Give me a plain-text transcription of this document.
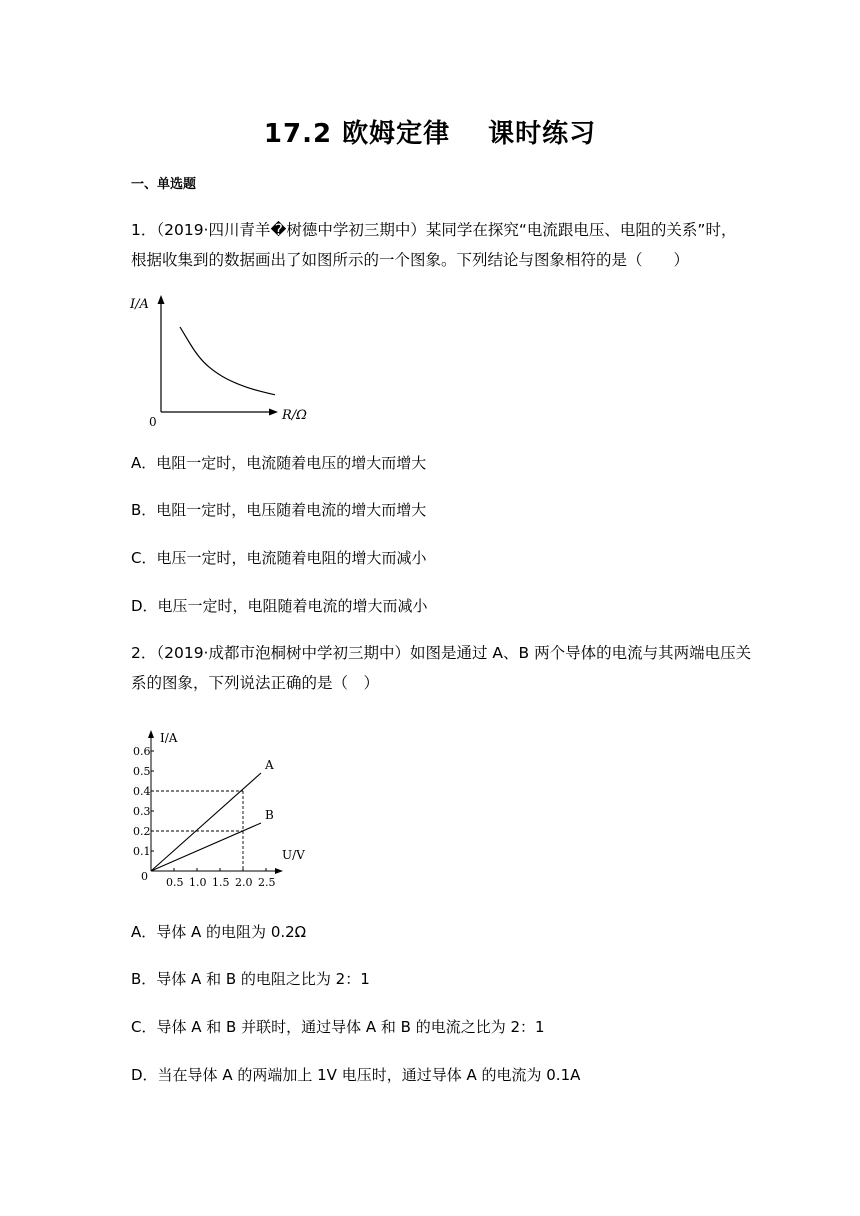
17.2 欧姆定律 课时练习
一、单选题
1．（2019·四川青羊�树德中学初三期中）某同学在探究“电流跟电压、电阻的关系”时，
根据收集到的数据画出了如图所示的一个图象。下列结论与图象相符的是（　　）
I/A
R/Ω
0
A．电阻一定时，电流随着电压的增大而增大
B．电阻一定时，电压随着电流的增大而增大
C．电压一定时，电流随着电阻的增大而减小
D．电压一定时，电阻随着电流的增大而减小
2．（2019·成都市泡桐树中学初三期中）如图是通过 A、B 两个导体的电流与其两端电压关
系的图象，下列说法正确的是（　）
I/A
U/V
0
0.1
0.2
0.3
0.4
0.5
0.6
0.5 1.0 1.5 2.0 2.5
A
B
A．导体 A 的电阻为 0.2Ω
B．导体 A 和 B 的电阻之比为 2：1
C．导体 A 和 B 并联时，通过导体 A 和 B 的电流之比为 2：1
D．当在导体 A 的两端加上 1V 电压时，通过导体 A 的电流为 0.1A
